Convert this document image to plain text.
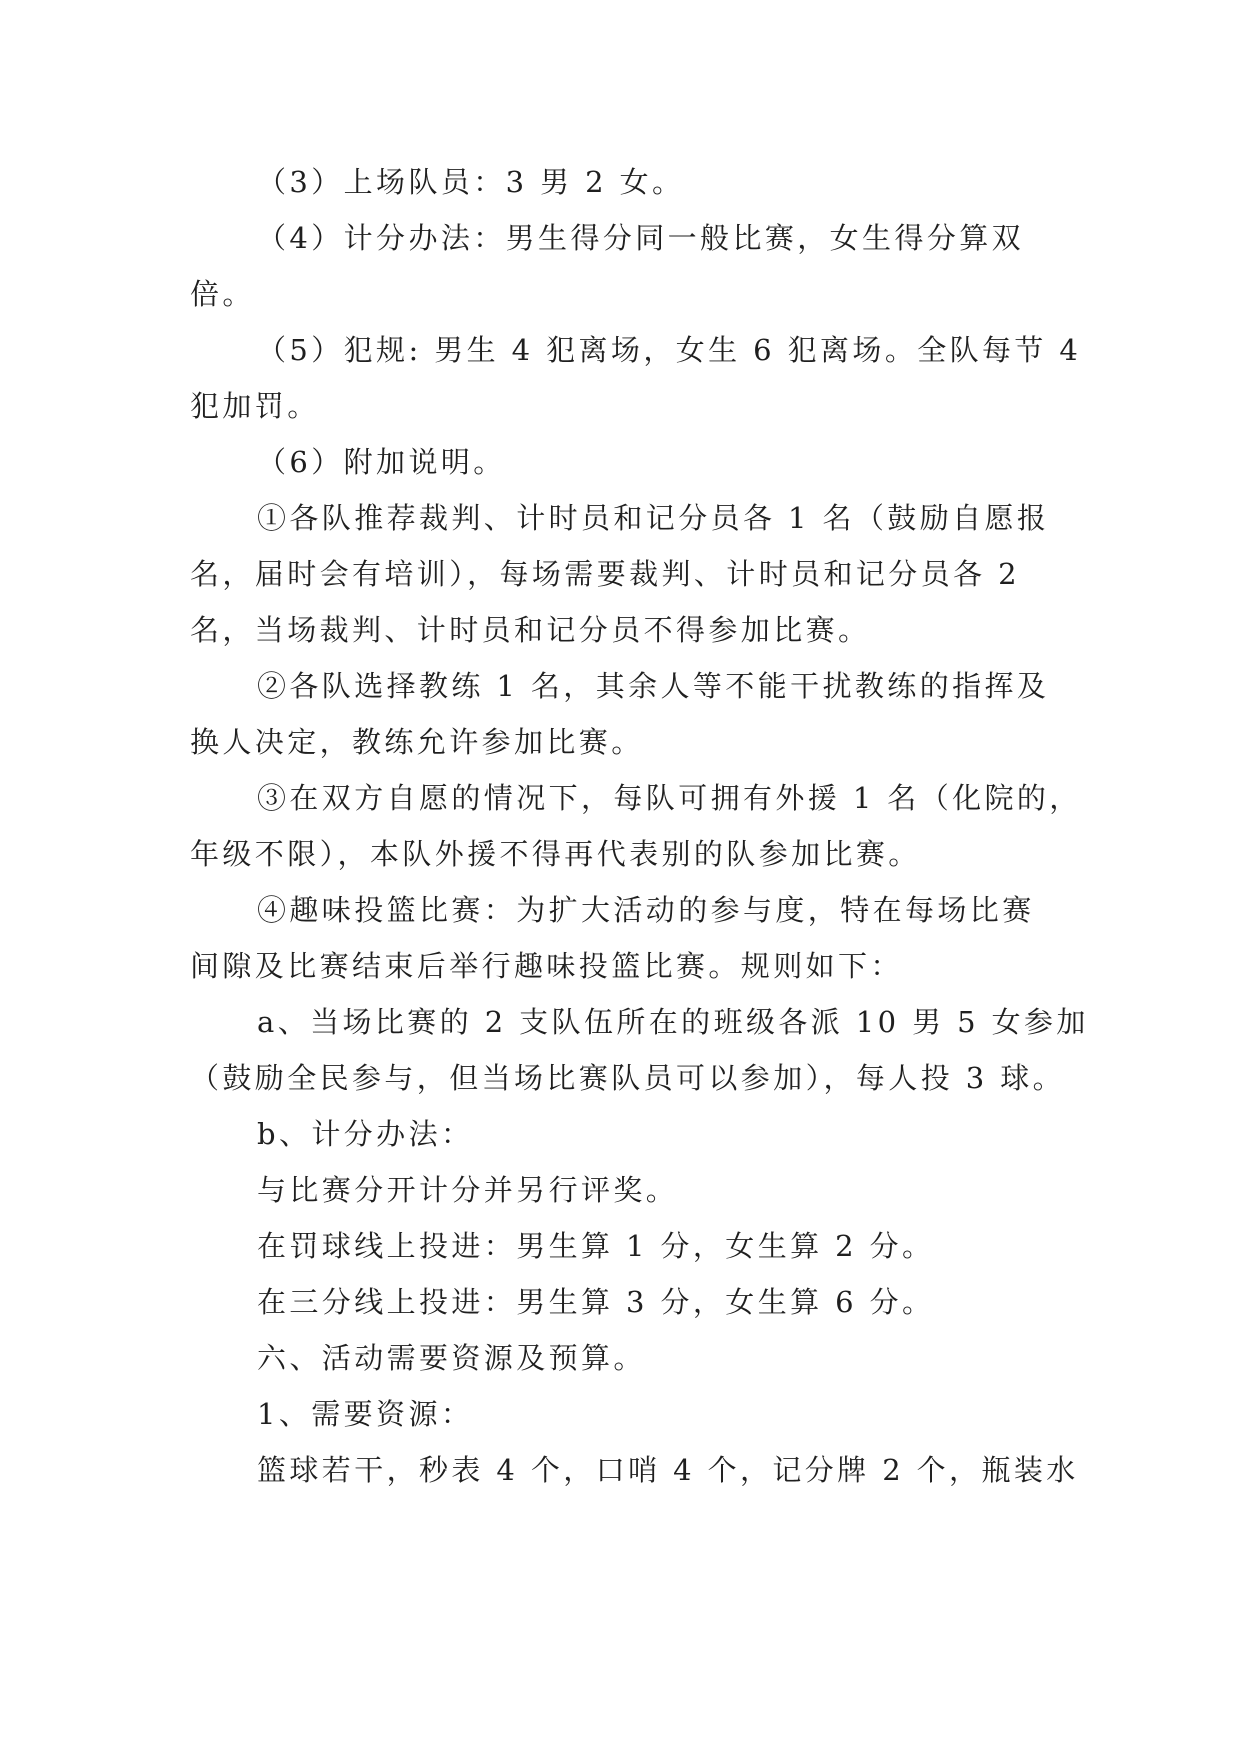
（3）上场队员：3 男 2 女。
（4）计分办法：男生得分同一般比赛，女生得分算双
倍。
（5）犯规: 男生 4 犯离场，女生 6 犯离场。全队每节 4
犯加罚。
（6）附加说明。
①各队推荐裁判、计时员和记分员各 1 名（鼓励自愿报
名，届时会有培训），每场需要裁判、计时员和记分员各 2
名，当场裁判、计时员和记分员不得参加比赛。
②各队选择教练 1 名，其余人等不能干扰教练的指挥及
换人决定，教练允许参加比赛。
③在双方自愿的情况下，每队可拥有外援 1 名（化院的，
年级不限），本队外援不得再代表别的队参加比赛。
④趣味投篮比赛：为扩大活动的参与度，特在每场比赛
间隙及比赛结束后举行趣味投篮比赛。规则如下：
a、当场比赛的 2 支队伍所在的班级各派 10 男 5 女参加
（鼓励全民参与，但当场比赛队员可以参加），每人投 3 球。
b、计分办法：
与比赛分开计分并另行评奖。
在罚球线上投进：男生算 1 分，女生算 2 分。
在三分线上投进：男生算 3 分，女生算 6 分。
六、活动需要资源及预算。
1、需要资源：
篮球若干，秒表 4 个，口哨 4 个，记分牌 2 个，瓶装水
